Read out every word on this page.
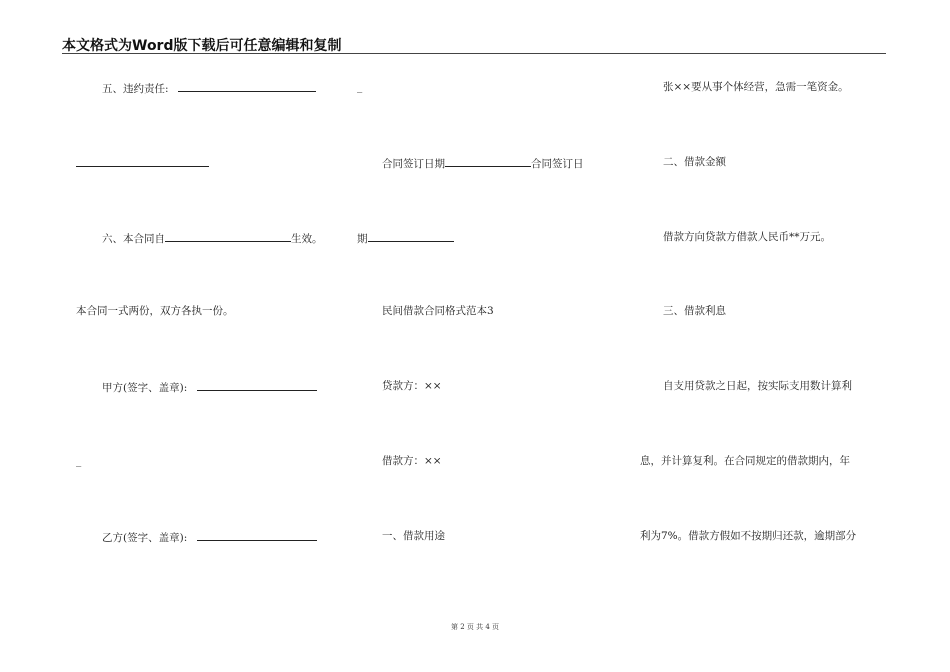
本文格式为Word版下载后可任意编辑和复制
五、违约责任:
六、本合同自	生效。
本合同一式两份，双方各执一份。
甲方(签字、盖章):
_
乙方(签字、盖章):
_
合同签订日期	合同签订日
期
民间借款合同格式范本3
贷款方：××
借款方：××
一、借款用途
张××要从事个体经营，急需一笔资金。
二、借款金额
借款方向贷款方借款人民币**万元。
三、借款利息
自支用贷款之日起，按实际支用数计算利
息，并计算复利。在合同规定的借款期内，年
利为7%。借款方假如不按期归还款，逾期部分
第 2 页 共 4 页
